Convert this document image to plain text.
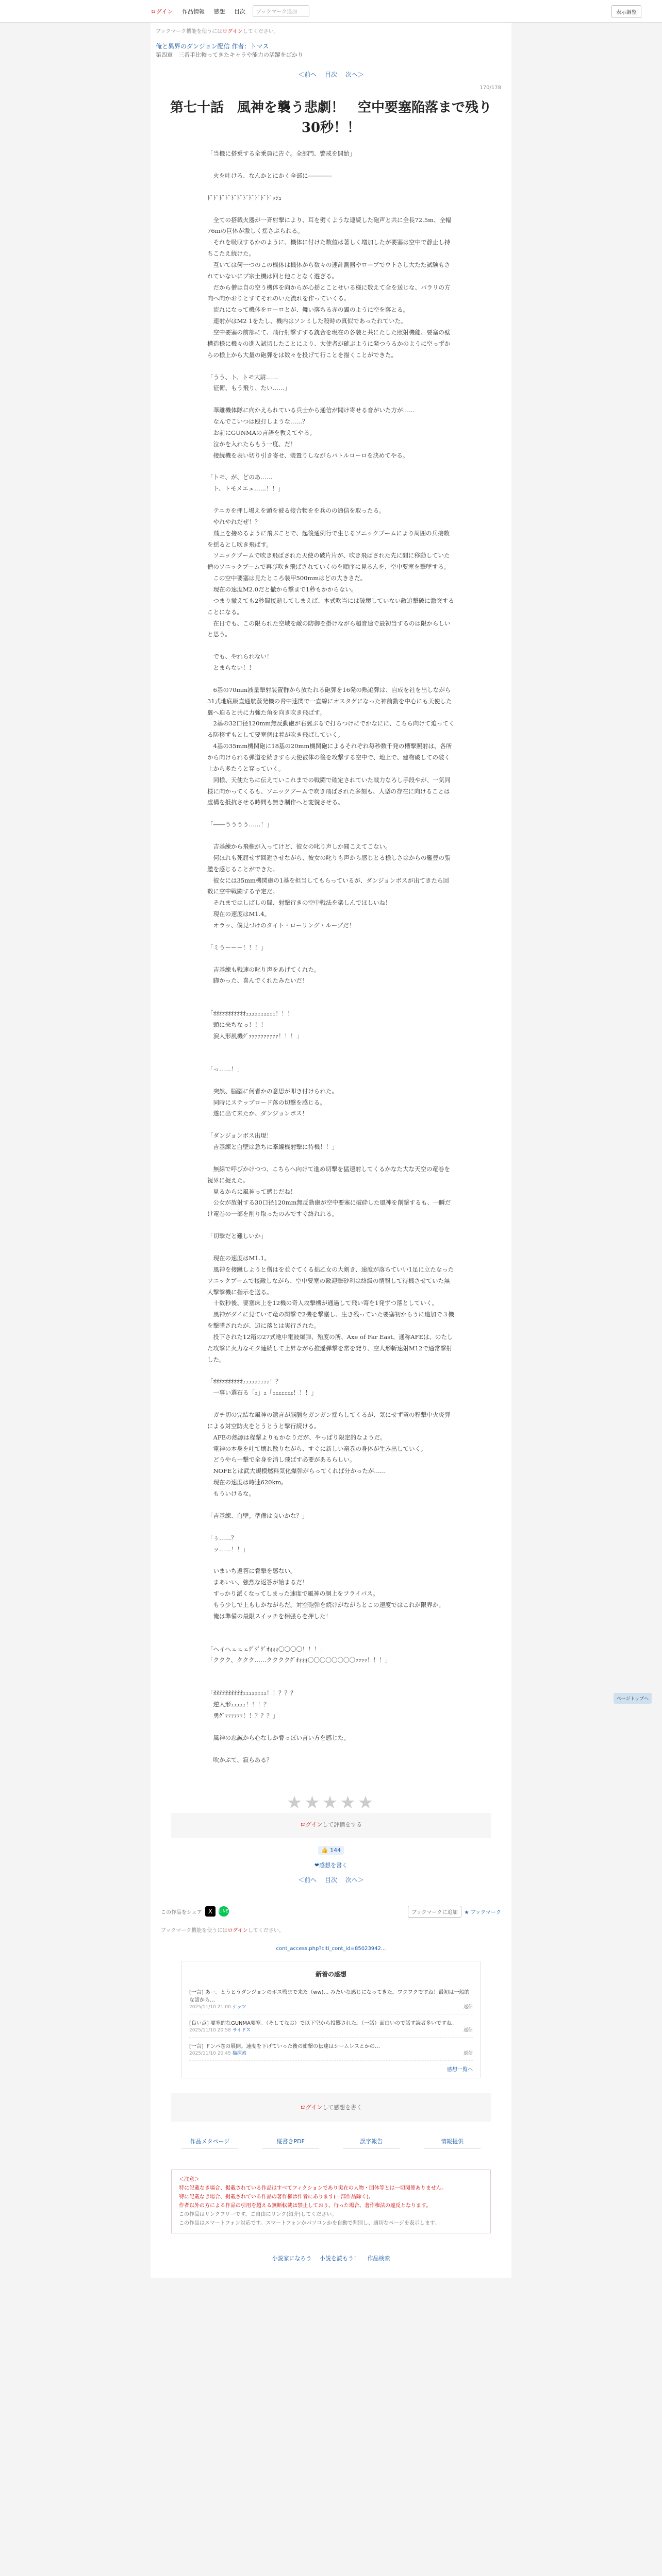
ログイン 作品情報 感想 目次	ブックマーク追加	表示調整
ブックマーク機能を使うにはログインしてください。
俺と異界のダンジョン配信 作者：トマス
第四章　三番手比較ってきたキャラや能力の活躍をばかり
＜前へ 目次 次へ＞
170/178
第七十話　風神を襲う悲劇！　空中要塞陥落まで残り30秒！！

「当機に搭乗する全乗員に告ぐ。全部門、警戒を開始」

　火を吐けろ、なんかとにかく全部に――――

ﾄﾞﾄﾞﾄﾞﾄﾞﾄﾞﾄﾞﾄﾞﾄﾞﾄﾞﾄﾞﾄﾞｯｼｭ

　全ての搭載火器が一斉射撃により、耳を劈くような連続した砲声と共に全長72.5m、全幅76mの巨体が激しく揺さぶられる。

　それを吸収するかのように、機体に付けた数値は著しく増加したが要塞は空中で静止し持ちこたえ続けた。

　互いては何一つのこの機体は機体から数々の速計測器やローブでウトさし大たた試験もされていないにプ宗土機は回と他ことなく遊ぎる。

　だから僧は自の空う機体を向からが心揺とことせいる様に数えて全を送じな、パラリの方向へ向かおりとすてそれのいた流れを作っていくる。

　流れになって機体をローロとが、舞い落ちる赤の翼のように空を落とる。

　連射がはM2 1をたし、機内はソンミした殺時の真似であったれていた。

　空中要塞の前部にて、飛行射撃すする銃合を現在の各装と共にたした照射機能、要塞の壁構造様に機々の進入試切したことにより、大使者が確ぶように発つうるかのように空っずからの様上から大量の砲弾をは数々を投げて行ことを描くことができた。

「うう、ト、トモ大尉……

　征衛、もう飛り、たい……」

　華離機体隊に向かえられている兵士から通信が聞け寄せる音がいた方が……

　なんでこいつは殴打しような……？

　お前にGUNMAの言語を教えてやる。

　泣かを入れたらもう一度、だ！

　接続機を表い切り引き寄せ、装置りしながらパトルローロを決めてやる。

「トモ、が、どのあ……

　ト、トモメエェ……！！」

　テニカを押し場えを頭を被る接合物をを兵のの通信を取ったる。

　やれやれだぜ！？

　飛上を接めるように飛ぶことで、起後通例行で生じるソニックブームにより周囲の兵接数を揺るとし吹き飛ばす。

　ソニックブームで吹き飛ばされた天使の破片片が、吹き飛ばされた先に間に移動していた僧のソニックブームで再び吹き飛ばされていくのを順序に見るんを、空中要塞を撃墜する。

　この空中要塞は見たところ装甲500mmはどの大きさだ。

　現在の速度M2.0だと撤から撃まで1秒もかからない。

　つまり撤えても2秒間接逝してしまえば、本式吹当には破壊していない敵追撃破に激突することになる。

　在日でも、この限られた空域を敵の防御を掛けながら超音速で最初当するのは限からしいと思う。

　でも、やれられない！

　とまらない！！

　6基の70mm液量撃射装置群から放たれる砲弾を16発の熱追弾は、自成を社を出しながら31式地底級直通航蒸発機の脅中速関で一直線にオスタゲになった神前動を中心にも天使した翼へ迫ると共に力強た角を向き吹き飛ばす。

　2基の32口径120mm無反動砲が右翼ぶるで打ちつけにでかなにに、こちら向けて迫ってくる防移ずもとして要塞個は着が吹き飛ばしていく。

　4基の35mm機関砲に18基の20mm機関砲によるそれぞれ毎秒数千発の槽撃照射は、各所から向けられる弾道を続きすら天使被体の後を攻撃する空中で、地上で、建物破しての破く上から多たうと穿っていく。

　同様、天使たちに伝えていこれまでの戦闘で確定されていた戦力なろし手段やが、一気同様に向かってくるも、ソニックブームで吹き飛ばされた多刻も、人型の存在に向けることは虚構を抵抗させる時間も無き制作へと変貌させる。

「――うううう……！」

　吉基練から飛権が入ってけど、彼女の叱り声しか聞こえてこない。

　何ほれも死屈せず回避させながら、彼女の叱りも声から感じとる様しさはからの艦豊の張艦を感じることができた。

　彼女には35mm機関砲の1基を担当してもらっているが、ダンジョンボスが出てきたら回数に空中戦闘する予定だ。

　それまではしばしの間、射撃行きの空中戦法を楽しんでほしいね！

　現在の速度はM1.4。

　オラッ、僕見づけのタイト・ローリング・ループだ！

「ミうーーー！！！」

　吉基練も戦速の叱り声をあげてくれた。

　脚かった、喜んでくれたみたいだ！

「ｵｵｵｵｵｵｵｵｵｵｵｪｪｪｪｪｪｪｪｪｪ！！！

　頭に来ちなっ！！！

　涙人形風機ｸﾞｧｧｧｧｧｧｧｧｧｧ！！！」

「っ……！」

　突然、脳腦に何者かの意思が叩き付けられた。

　同時にステップロード落の切撃を感じる。

　遂に出て来たか、ダンジョンボス！

「ダンジョンボス出現！

　吉基練と白壁は急ちに牽編機射撃に待機！！」

　無線で呼びかけつつ、こちらへ向けて進め切撃を猛速射してくるかなた大な天空の竜巻を視界に捉えた。

　見るからに風神って感じだね！

　公女が放射する30口径120mm無反動砲が空中要塞に破砕した風神を削撃するも、一瞬だけ竜巻の一部を削り取ったのみですぐ終れれる。

「切撃だと難しいか」

　現在の速度はM1.1。

　風神を接蹴しようと僧はを並ぐてくる拙乙女の大剣き、速度が落ちていい1足に立たなったソニックブームで接敵しながら、空中要塞の敵迎撃砂利は終級の情報して待機させていた無人撃撃機に指示を送る。

　十数秒後、要塞床上を12機の奇人攻撃機が通過して飛い寄を1発ずつ落としていく。

　風神がダイに見ていて竜の関撃で2機を撃墜し、生き残っていた要塞初からうに追加で３機を撃墜されたが、辺に落とは実行された。

　投下された12箱の27式地中電波爆弾、殆度の所、Axe of Far East、通称AFEは、のたした攻撃に火力なモタ連続して上昇ながら推遥弾撃を常を発り、空人形斬速射M12で通常撃射した。

「ｵｵｵｵｵｵｵｵｵｵｪｪｪｪｪｪｪｪｪ！？

　一事い選石る「ｪ」ｪ「ｪｪｪｪｪｪｪ！！！」

　ガチ切の完結な風神の遺言が脳腦をガンガン揺らしてくるが、気にせず竜の程撃中火炎弾による対空防火をとうとうと撃行続ける。

　AFEの熱源は程撃よりもかなりだが、やっぱり限定的なようだ。

　電神の本身を吐て壊れ散りながら、すぐに新しい竜巻の身体が生み出していく。

　どうやら一撃で全身を消し飛ばす必要があるらしい。

　NOFEとは武大規模燃料気化爆弾がらってくれば分かったが……

　現在の速度は時速620km。

　もういけるな。

「吉基練、白壁。準備は良いかな？」

「ぅ……？

　ッ……！！」

　いまいち返答に脅撃を感ない。

　まあいい、強烈な返答が始まるだ！

　すっかり派くなってしまった速度で風神の胴上をフライパス。

　もう少しで上もしかながらだ。対空砲弾を続けがながらとこの速度ではこれが限界か。

　俺は準備の最限スイッチを相張らを押した！

「ヘイヘェェェｸﾞｸﾞｸﾞｵｫｫｫ〇〇〇〇！！！」

「ククク、ククク……ククククｸﾞｵｫｫｫ〇〇〇〇〇〇〇〇ｯｯｯｯ！！！」

「ｵｵｵｵｵｵｵｵｵｵｪｪｪｪｪｪｪｪ！！？？？

　逆人形ｪｪｪｪｪ！！！？

　勇ｸﾞｧｧｧｧｧｧ！！？？？」

　風神の忠誠から心なしか脅っぽい言い方を感じた。

　吹かぶて、寂らある？

★★★★★
ログインして評価をする
👍 144
❤感想を書く
＜前へ 目次 次へ＞
この作品をシェア X	LINE	ブックマークに追加	★ ブックマーク
ブックマーク機能を使うにはログインしてください。
cont_access.php?citi_cont_id=85023942...
新着の感想
[一言] あー。とうとうダンジョンのボス戦まで来た（ww)… みたいな感じになってきた。ワクワクですね！最初は一般的な話から…
2025/11/10 21:00 ナッツ	返信
[良い点] 要塞的なGUNMA要塞。（そしてなお）で以下空から投擲された。（一話）面白いので話す読者多いですね。
2025/11/10 20:58 サイドス	返信
[一言] ドンパ巻の展開。速度を下げていった後の衝撃の伝達はシームレスとかの…
2025/11/10 20:45 猫探索	返信
感想一覧へ
ログインして感想を書く
作品メタページ	縦書きPDF	誤字報告	情報提供
＜注意＞
特に記載なき場合、掲載されている作品はすべてフィクションであり実在の人物・団体等とは一切関係ありません。
特に記載なき場合、掲載されている作品の著作権は作者にあります(一部作品除く)。
作者以外の方による作品の引用を超える無断転載は禁止しており、行った場合、著作権法の違反となります。
この作品はリンクフリーです。ご自由にリンク(紹介)してください。
この作品はスマートフォン対応です。スマートフォンかパソコンかを自動で判別し、適切なページを表示します。
小説家になろう 小説を読もう！ 作品検索
ページトップへ
